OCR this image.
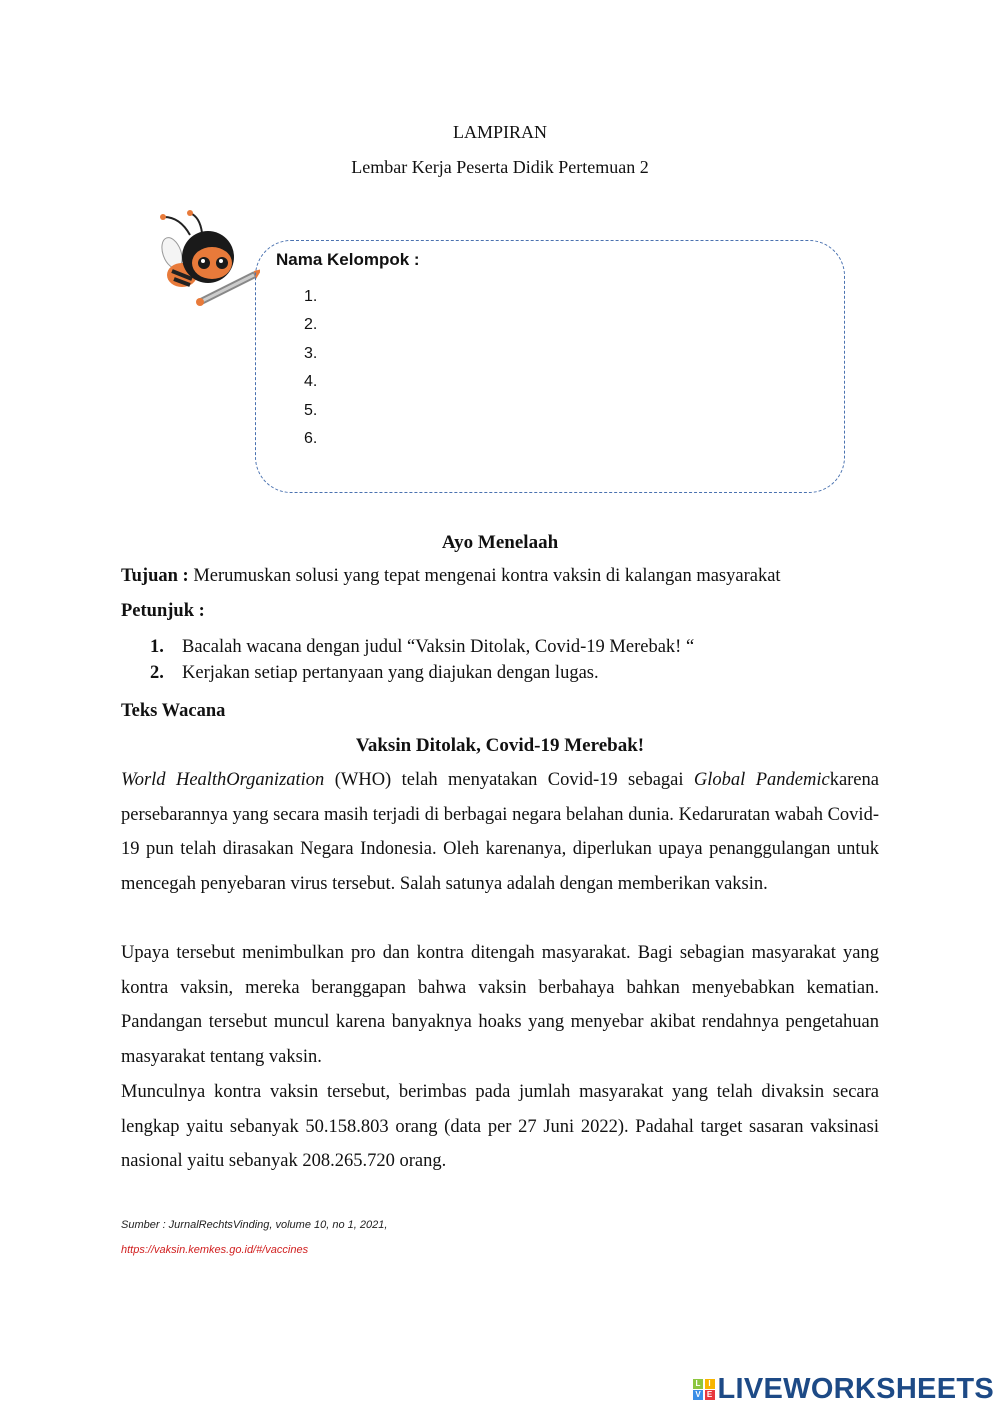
LAMPIRAN
Lembar Kerja Peserta Didik Pertemuan 2
Nama Kelompok :
1.
2.
3.
4.
5.
6.
Ayo Menelaah
Tujuan : Merumuskan solusi yang tepat mengenai kontra vaksin di kalangan masyarakat
Petunjuk :
1. Bacalah wacana dengan judul “Vaksin Ditolak, Covid-19 Merebak! “
2. Kerjakan setiap pertanyaan yang diajukan dengan lugas.
Teks Wacana
Vaksin Ditolak, Covid-19 Merebak!

World HealthOrganization (WHO) telah menyatakan Covid-19 sebagai Global Pandemickarena persebarannya yang secara masih terjadi di berbagai negara belahan dunia. Kedaruratan wabah Covid-19 pun telah dirasakan Negara Indonesia. Oleh karenanya, diperlukan upaya penanggulangan untuk mencegah penyebaran virus tersebut. Salah satunya adalah dengan memberikan vaksin.

Upaya tersebut menimbulkan pro dan kontra ditengah masyarakat. Bagi sebagian masyarakat yang kontra vaksin, mereka beranggapan bahwa vaksin berbahaya bahkan menyebabkan kematian. Pandangan tersebut muncul karena banyaknya hoaks yang menyebar akibat rendahnya pengetahuan masyarakat tentang vaksin.

Munculnya kontra vaksin tersebut, berimbas pada jumlah masyarakat yang telah divaksin secara lengkap yaitu sebanyak 50.158.803 orang (data per 27 Juni 2022). Padahal target sasaran vaksinasi nasional yaitu sebanyak 208.265.720 orang.

Sumber : JurnalRechtsVinding, volume 10, no 1, 2021,
https://vaksin.kemkes.go.id/#/vaccines
L I
V E LIVEWORKSHEETS
